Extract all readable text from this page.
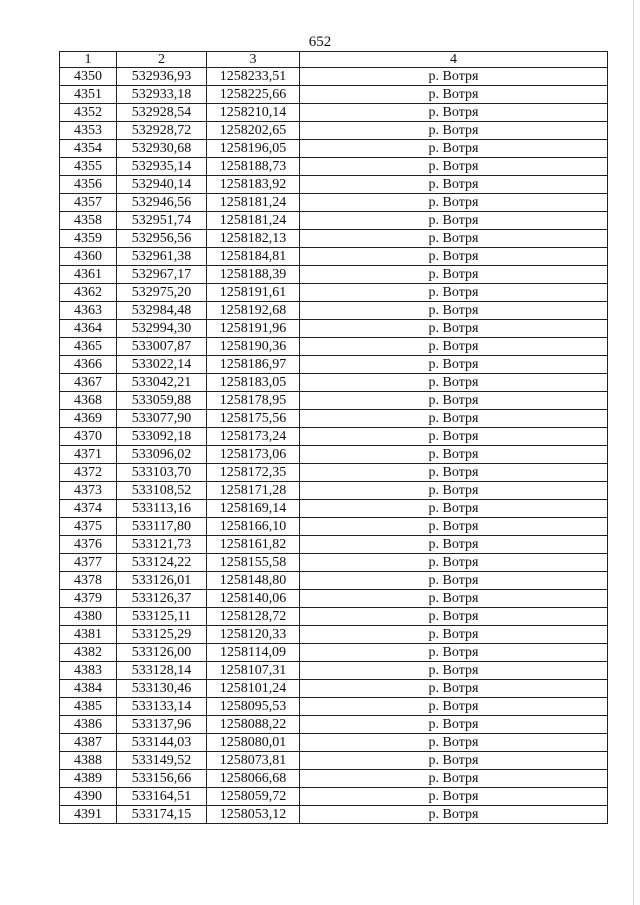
652
1	2	3	4
4350	532936,93	1258233,51	р. Вотря
4351	532933,18	1258225,66	р. Вотря
4352	532928,54	1258210,14	р. Вотря
4353	532928,72	1258202,65	р. Вотря
4354	532930,68	1258196,05	р. Вотря
4355	532935,14	1258188,73	р. Вотря
4356	532940,14	1258183,92	р. Вотря
4357	532946,56	1258181,24	р. Вотря
4358	532951,74	1258181,24	р. Вотря
4359	532956,56	1258182,13	р. Вотря
4360	532961,38	1258184,81	р. Вотря
4361	532967,17	1258188,39	р. Вотря
4362	532975,20	1258191,61	р. Вотря
4363	532984,48	1258192,68	р. Вотря
4364	532994,30	1258191,96	р. Вотря
4365	533007,87	1258190,36	р. Вотря
4366	533022,14	1258186,97	р. Вотря
4367	533042,21	1258183,05	р. Вотря
4368	533059,88	1258178,95	р. Вотря
4369	533077,90	1258175,56	р. Вотря
4370	533092,18	1258173,24	р. Вотря
4371	533096,02	1258173,06	р. Вотря
4372	533103,70	1258172,35	р. Вотря
4373	533108,52	1258171,28	р. Вотря
4374	533113,16	1258169,14	р. Вотря
4375	533117,80	1258166,10	р. Вотря
4376	533121,73	1258161,82	р. Вотря
4377	533124,22	1258155,58	р. Вотря
4378	533126,01	1258148,80	р. Вотря
4379	533126,37	1258140,06	р. Вотря
4380	533125,11	1258128,72	р. Вотря
4381	533125,29	1258120,33	р. Вотря
4382	533126,00	1258114,09	р. Вотря
4383	533128,14	1258107,31	р. Вотря
4384	533130,46	1258101,24	р. Вотря
4385	533133,14	1258095,53	р. Вотря
4386	533137,96	1258088,22	р. Вотря
4387	533144,03	1258080,01	р. Вотря
4388	533149,52	1258073,81	р. Вотря
4389	533156,66	1258066,68	р. Вотря
4390	533164,51	1258059,72	р. Вотря
4391	533174,15	1258053,12	р. Вотря
